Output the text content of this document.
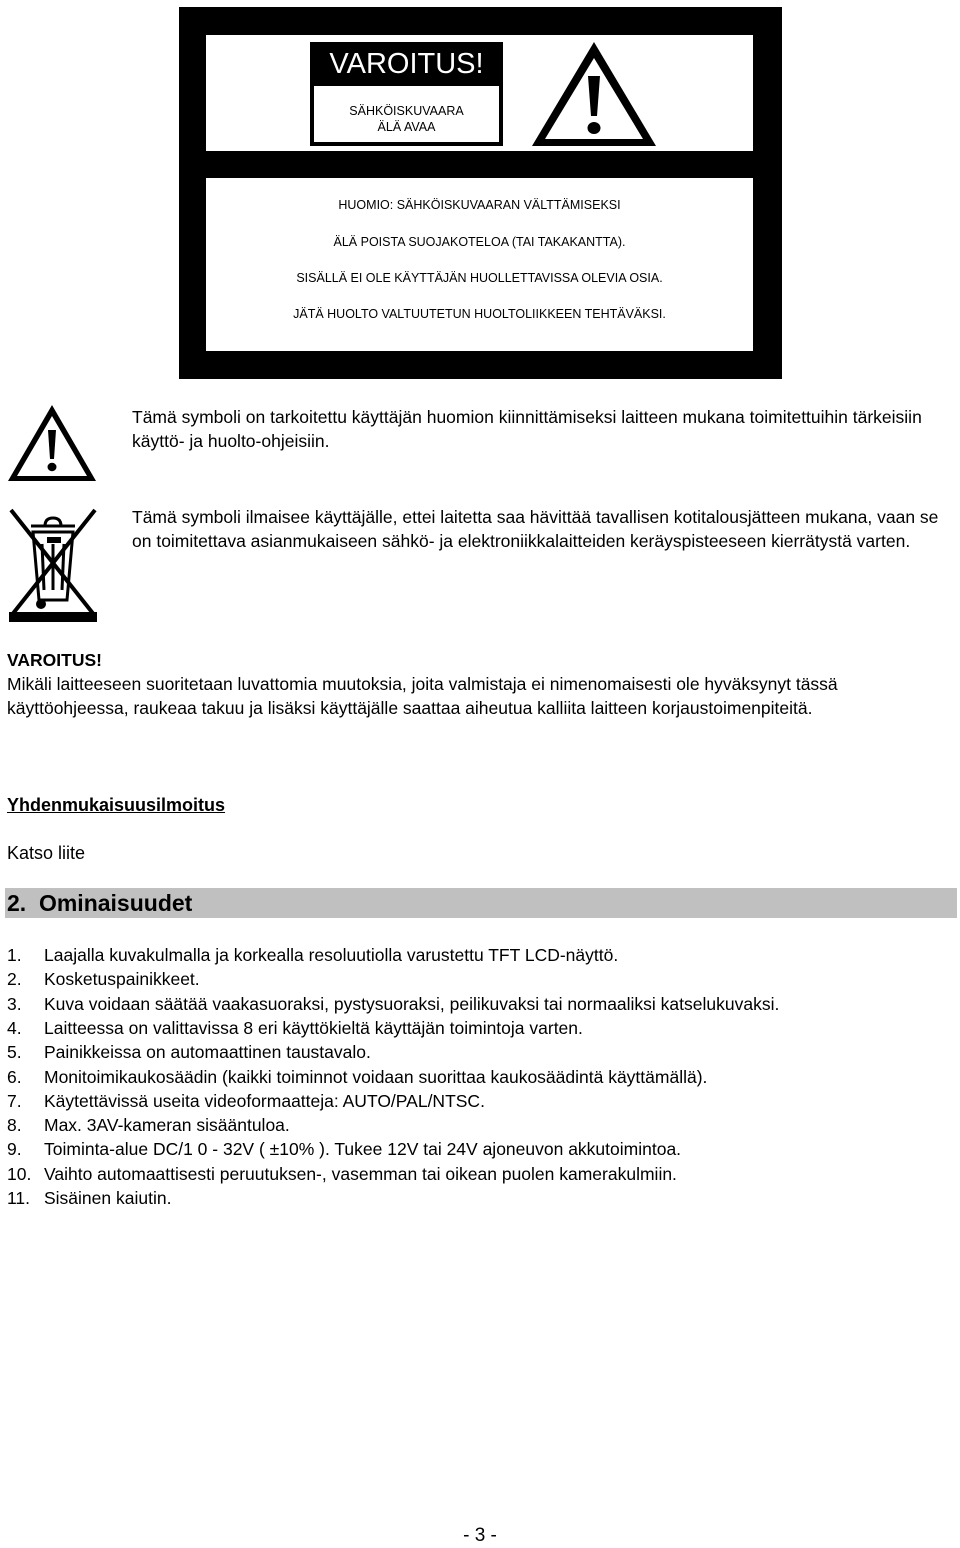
VAROITUS!
SÄHKÖISKUVAARA
ÄLÄ AVAA
HUOMIO: SÄHKÖISKUVAARAN VÄLTTÄMISEKSI
ÄLÄ POISTA SUOJAKOTELOA (TAI TAKAKANTTA).
SISÄLLÄ EI OLE KÄYTTÄJÄN HUOLLETTAVISSA OLEVIA OSIA.
JÄTÄ HUOLTO VALTUUTETUN HUOLTOLIIKKEEN TEHTÄVÄKSI.
Tämä symboli on tarkoitettu käyttäjän huomion kiinnittämiseksi laitteen mukana toimitettuihin tärkeisiin käyttö- ja huolto-ohjeisiin.
Tämä symboli ilmaisee käyttäjälle, ettei laitetta saa hävittää tavallisen kotitalousjätteen mukana, vaan se on toimitettava asianmukaiseen sähkö- ja elektroniikkalaitteiden keräyspisteeseen kierrätystä varten.
VAROITUS!
Mikäli laitteeseen suoritetaan luvattomia muutoksia, joita valmistaja ei nimenomaisesti ole hyväksynyt tässä käyttöohjeessa, raukeaa takuu ja lisäksi käyttäjälle saattaa aiheutua kalliita laitteen korjaustoimenpiteitä.
Yhdenmukaisuusilmoitus
Katso liite
2.  Ominaisuudet
1.	Laajalla kuvakulmalla ja korkealla resoluutiolla varustettu TFT LCD-näyttö.
2.	Kosketuspainikkeet.
3.	Kuva voidaan säätää vaakasuoraksi, pystysuoraksi, peilikuvaksi tai normaaliksi katselukuvaksi.
4.	Laitteessa on valittavissa 8 eri käyttökieltä käyttäjän toimintoja varten.
5.	Painikkeissa on automaattinen taustavalo.
6.	Monitoimikaukosäädin (kaikki toiminnot voidaan suorittaa kaukosäädintä käyttämällä).
7.	Käytettävissä useita videoformaatteja: AUTO/PAL/NTSC.
8.	Max. 3AV-kameran sisääntuloa.
9.	Toiminta-alue DC/1 0 - 32V ( ±10% ). Tukee 12V tai 24V ajoneuvon akkutoimintoa.
10. Vaihto automaattisesti peruutuksen-, vasemman tai oikean puolen kamerakulmiin.
11. Sisäinen kaiutin.
- 3 -
